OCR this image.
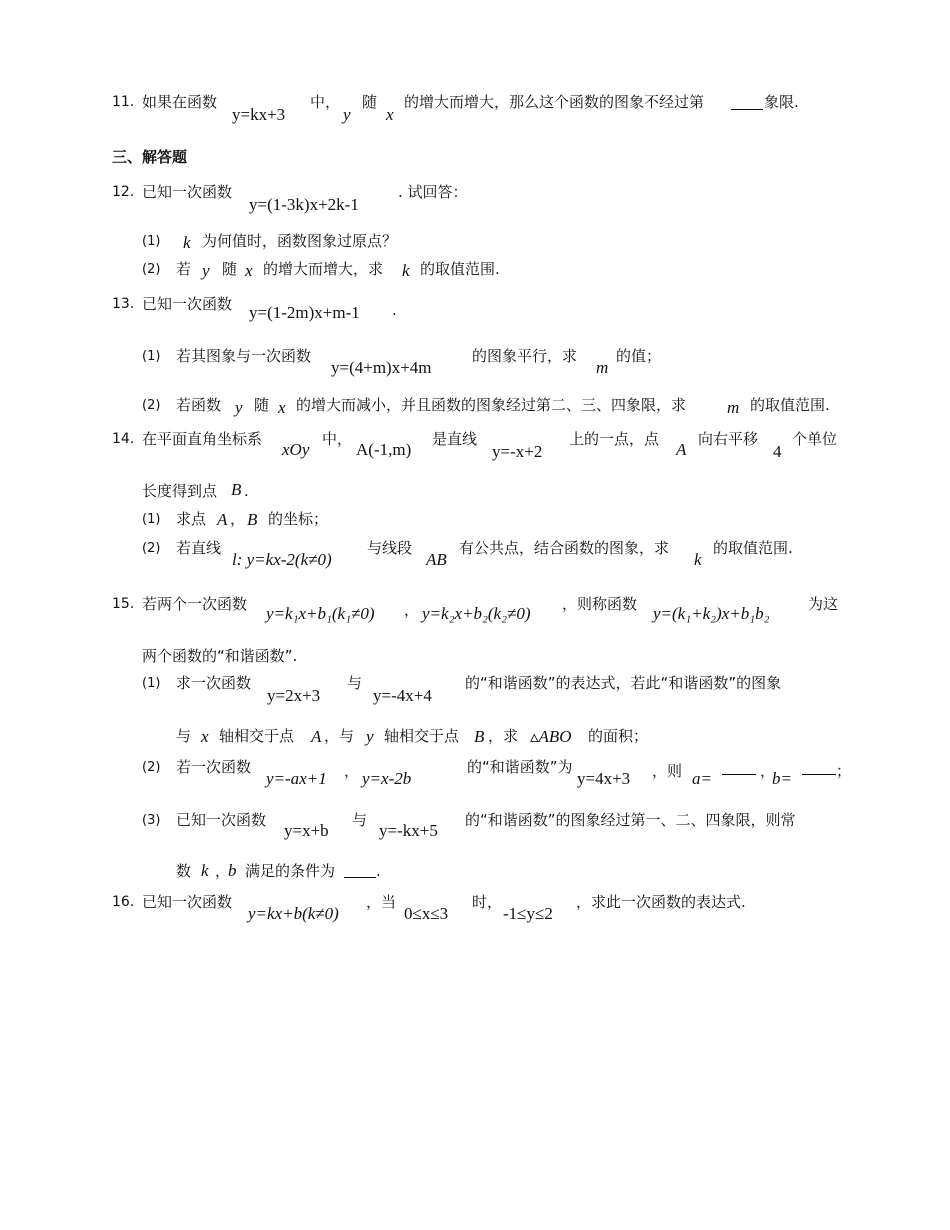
11. 如果在函数
y=kx+3
中，
y
随
x
的增大而增大，那么这个函数的图象不经过第	象限.
三、解答题
12. 已知一次函数
y=(1-3k)x+2k-1
. 试回答：
(1) k 为何值时，函数图象过原点？
(2) 若 y 随 x 的增大而增大，求 k 的取值范围.
13. 已知一次函数 y=(1-2m)x+m-1 .
(1) 若其图象与一次函数
y=(4+m)x+4m
的图象平行，求
m
的值；
(2) 若函数 y 随 x 的增大而减小，并且函数的图象经过第二、三、四象限，求 m 的取值范围.
14. 在平面直角坐标系
xOy
中，
A(-1,m)
是直线
y=-x+2
上的一点，点
A
向右平移
4
个单位
长度得到点 B .
(1) 求点 A ， B 的坐标；
(2) 若直线
l: y=kx-2(k≠0)
与线段
AB
有公共点，结合函数的图象，求
k
的取值范围.
15. 若两个一次函数 y=k₁x+b₁(k₁≠0) ， y=k₂x+b₂(k₂≠0) ，则称函数 y=(k₁+k₂)x+b₁b₂	为这
两个函数的“和谐函数”.
(1) 求一次函数
y=2x+3
与
y=-4x+4
的“和谐函数”的表达式，若此“和谐函数”的图象
与 x 轴相交于点 A ，与 y 轴相交于点 B ，求 ▵ABO 的面积；
(2) 若一次函数
y=-ax+1 ， y=x-2b
的“和谐函数”为
y=4x+3 ，则 a=	，
b=	；
(3) 已知一次函数
y=x+b
与
y=-kx+5
的“和谐函数”的图象经过第一、二、四象限，则常
数 k ，
b 满足的条件为	.
16. 已知一次函数
y=kx+b(k≠0)
，当
0≤x≤3
时，
-1≤y≤2
，求此一次函数的表达式.
